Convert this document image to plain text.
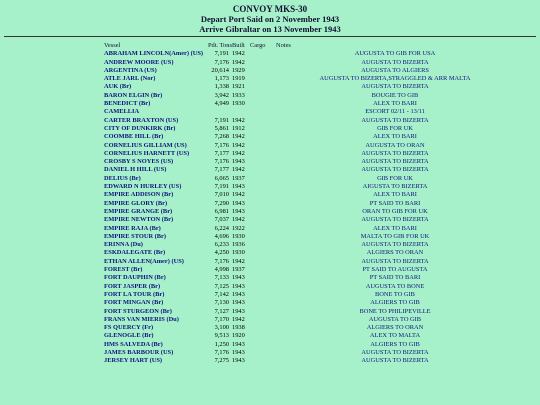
CONVOY MKS-30
Depart Port Said on 2 November 1943
Arrive Gibraltar on 13 November 1943
Vessel	Pdt. Tons Built Cargo Notes
ABRAHAM LINCOLN(Amer) (US)	7,191 1942	AUGUSTA TO GIB FOR USA
ANDREW MOORE (US)	7,176 1942	AUGUSTA TO BIZERTA
ARGENTINA (US)	20,614 1929	AUGUSTA TO ALGIERS
ATLE JARL (Nor)	1,173 1919	AUGUSTA TO BIZERTA,STRAGGLED & ARR MALTA
AUK (Br)	1,338 1921	AUGUSTA TO BIZERTA
BARON ELGIN (Br)	3,942 1933	BOUGIE TO GIB
BENEDICT (Br)	4,949 1930	ALEX TO BARI
CAMELLIA	ESCORT 02/11 - 13/11
CARTER BRAXTON (US)	7,191 1942	AUGUSTA TO BIZERTA
CITY OF DUNKIRK (Br)	5,861 1912	GIB FOR UK
COOMBE HILL (Br)	7,268 1942	ALEX TO BARI
CORNELIUS GILLIAM (US)	7,176 1942	AUGUSTA TO ORAN
CORNELIUS HARNETT (US)	7,177 1942	AUGUSTA TO BIZERTA
CROSBY S NOYES (US)	7,176 1943	AUGUSTA TO BIZERTA
DANIEL H HILL (US)	7,177 1942	AUGUSTA TO BIZERTA
DELIUS (Br)	6,065 1937	GIB FOR UK
EDWARD N HURLEY (US)	7,191 1943	AIGUSTA TO BIZERTA
EMPIRE ADDISON (Br)	7,010 1942	ALEX TO BARI
EMPIRE GLORY (Br)	7,290 1943	PT SAID TO BARI
EMPIRE GRANGE (Br)	6,981 1943	ORAN TO GIB FOR UK
EMPIRE NEWTON (Br)	7,037 1942	AUGUSTA TO BIZERTA
EMPIRE RAJA (Br)	6,224 1922	ALEX TO BARI
EMPIRE STOUR (Br)	4,696 1930	MALTA TO GIB FOR UK
ERINNA (Du)	6,233 1936	AUGUSTA TO BIZERTA
ESKDALEGATE (Br)	4,250 1930	ALGIERS TO ORAN
ETHAN ALLEN(Amer) (US)	7,176 1942	AUGUSTA TO BIZERTA
FOREST (Br)	4,998 1937	PT SAID TO AUGUSTA
FORT DAUPHIN (Br)	7,133 1943	PT SAID TO BARI
FORT JASPER (Br)	7,125 1943	AUGUSTA TO BONE
FORT LA TOUR (Br)	7,142 1943	BONE TO GIB
FORT MINGAN (Br)	7,130 1943	ALGIERS TO GIB
FORT STURGEON (Br)	7,127 1943	BONE TO PHILIPEVILLE
FRANS VAN MIERIS (Du)	7,170 1942	AUGUSTA TO GIB
FS QUERCY (Fr)	3,100 1938	ALGIERS TO ORAN
GLENOGLE (Br)	9,513 1920	ALEX TO MALTA
HMS SALVEDA (Br)	1,250 1943	ALGIERS TO GIB
JAMES BARBOUR (US)	7,176 1943	AUGUSTA TO BIZERTA
JERSEY HART (US)	7,275 1943	AUGUSTA TO BIZERTA
